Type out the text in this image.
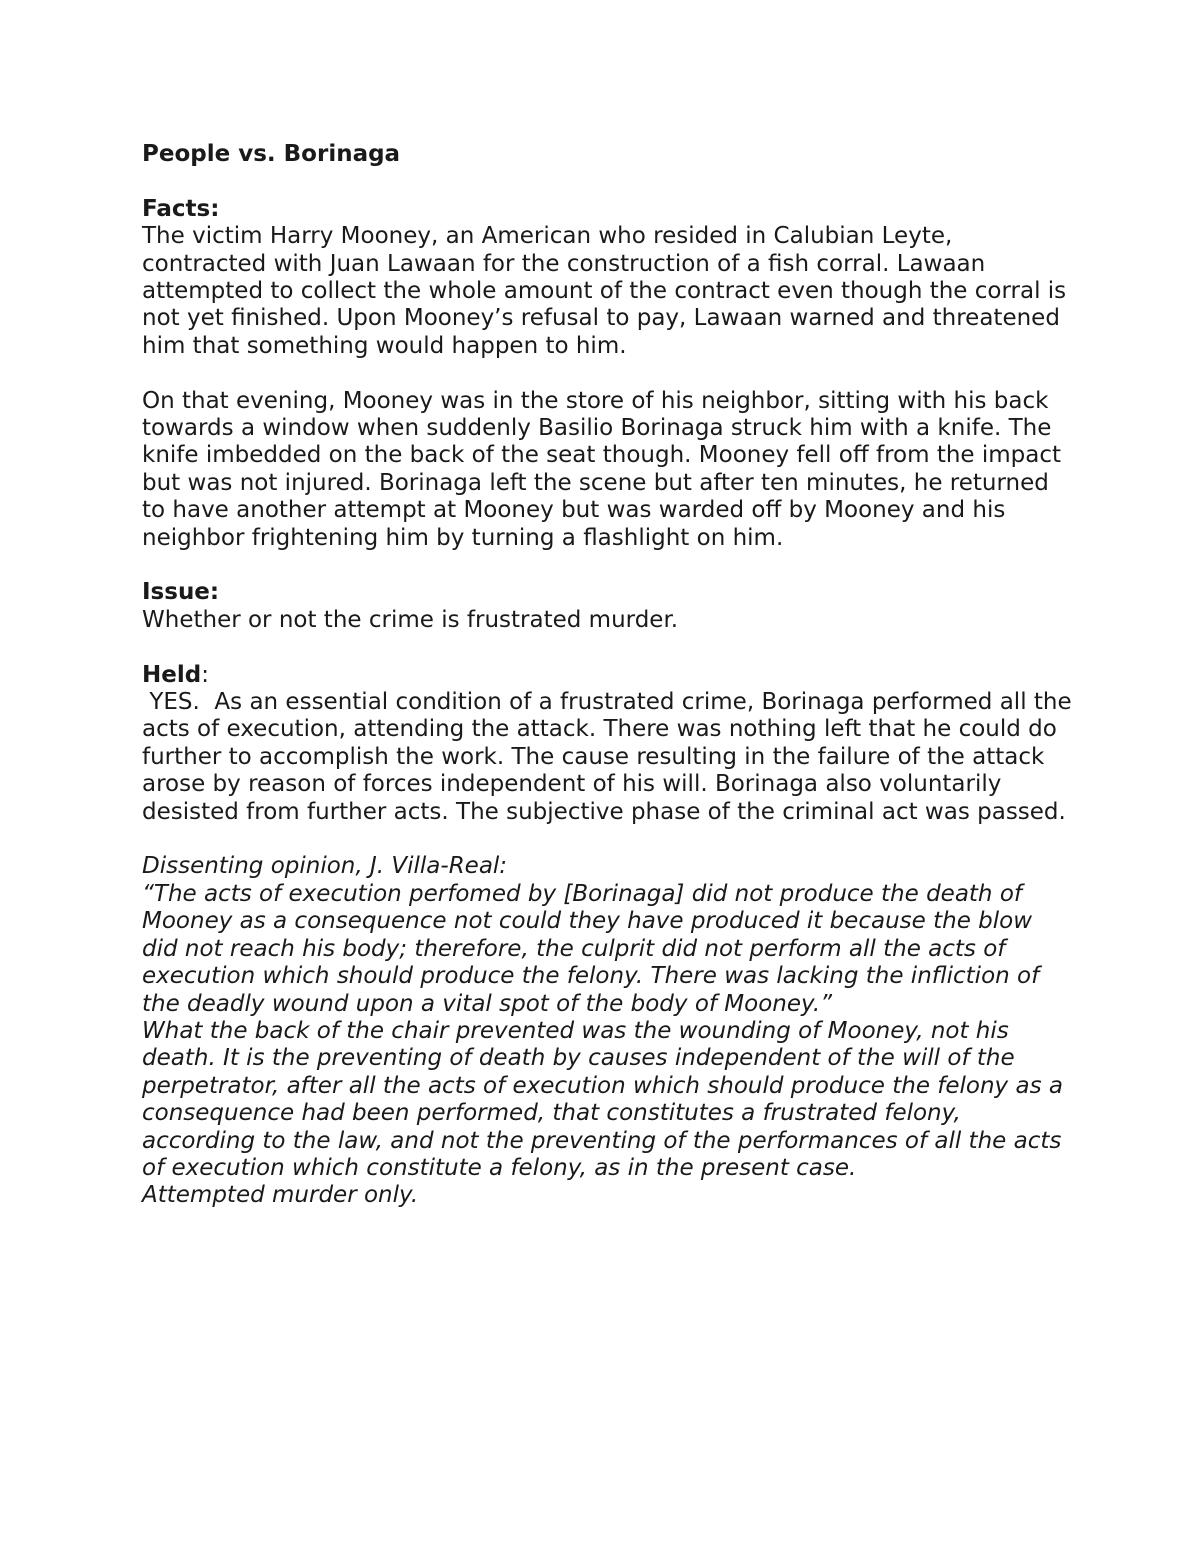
People vs. Borinaga

Facts:

The victim Harry Mooney, an American who resided in Calubian Leyte, contracted with Juan Lawaan for the construction of a fish corral. Lawaan attempted to collect the whole amount of the contract even though the corral is not yet finished. Upon Mooney’s refusal to pay, Lawaan warned and threatened him that something would happen to him.

On that evening, Mooney was in the store of his neighbor, sitting with his back towards a window when suddenly Basilio Borinaga struck him with a knife. The knife imbedded on the back of the seat though. Mooney fell off from the impact but was not injured. Borinaga left the scene but after ten minutes, he returned to have another attempt at Mooney but was warded off by Mooney and his neighbor frightening him by turning a flashlight on him.

Issue:

Whether or not the crime is frustrated murder.

Held:

YES.  As an essential condition of a frustrated crime, Borinaga performed all the acts of execution, attending the attack. There was nothing left that he could do further to accomplish the work. The cause resulting in the failure of the attack arose by reason of forces independent of his will. Borinaga also voluntarily desisted from further acts. The subjective phase of the criminal act was passed.

Dissenting opinion, J. Villa-Real:

“The acts of execution perfomed by [Borinaga] did not produce the death of Mooney as a consequence not could they have produced it because the blow did not reach his body; therefore, the culprit did not perform all the acts of execution which should produce the felony. There was lacking the infliction of the deadly wound upon a vital spot of the body of Mooney.”

What the back of the chair prevented was the wounding of Mooney, not his death. It is the preventing of death by causes independent of the will of the perpetrator, after all the acts of execution which should produce the felony as a consequence had been performed, that constitutes a frustrated felony, according to the law, and not the preventing of the performances of all the acts of execution which constitute a felony, as in the present case.

Attempted murder only.
